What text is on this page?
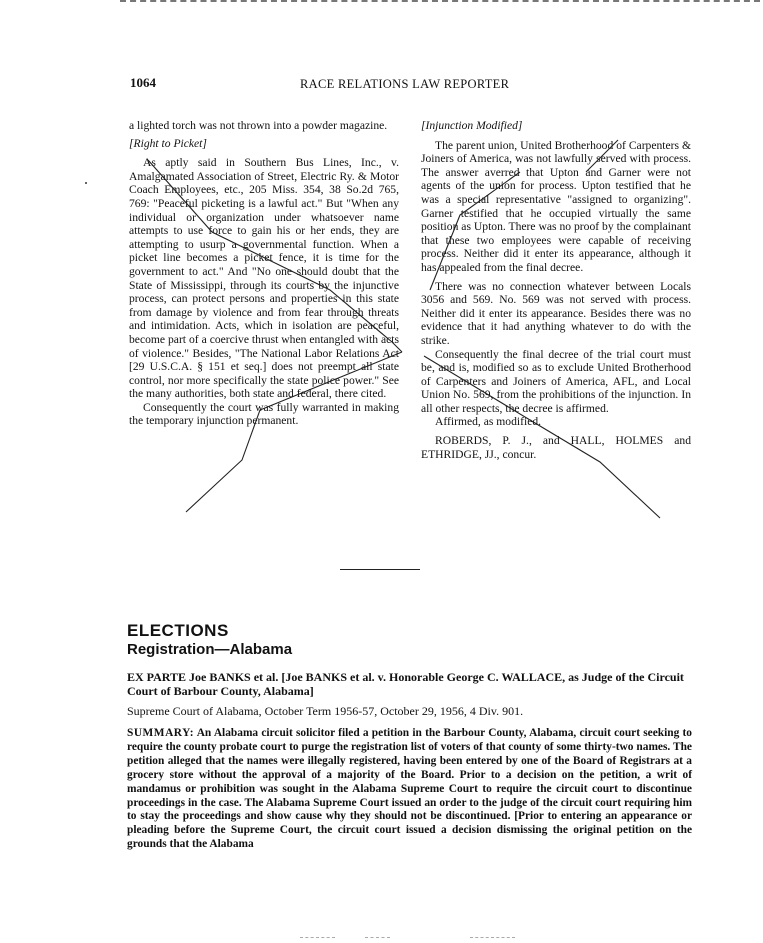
1064	RACE RELATIONS LAW REPORTER

a lighted torch was not thrown into a powder magazine.

[Right to Picket]

As aptly said in Southern Bus Lines, Inc., v. Amalgamated Association of Street, Electric Ry. & Motor Coach Employees, etc., 205 Miss. 354, 38 So.2d 765, 769: "Peaceful picketing is a lawful act." But "When any individual or organization under whatsoever name attempts to use force to gain his or her ends, they are attempting to usurp a governmental function. When a picket line becomes a picket fence, it is time for the government to act." And "No one should doubt that the State of Mississippi, through its courts by the injunctive process, can protect persons and properties in this state from damage by violence and from fear through threats and intimidation. Acts, which in isolation are peaceful, become part of a coercive thrust when entangled with acts of violence." Besides, "The National Labor Relations Act [29 U.S.C.A. § 151 et seq.] does not preempt all state control, nor more specifically the state police power." See the many authorities, both state and federal, there cited.

Consequently the court was fully warranted in making the temporary injunction permanent.

[Injunction Modified]

The parent union, United Brotherhood of Carpenters & Joiners of America, was not lawfully served with process. The answer averred that Upton and Garner were not agents of the union for process. Upton testified that he was a special representative "assigned to organizing". Garner testified that he occupied virtually the same position as Upton. There was no proof by the complainant that these two employees were capable of receiving process. Neither did it enter its appearance, although it has appealed from the final decree.

There was no connection whatever between Locals 3056 and 569. No. 569 was not served with process. Neither did it enter its appearance. Besides there was no evidence that it had anything whatever to do with the strike.

Consequently the final decree of the trial court must be, and is, modified so as to exclude United Brotherhood of Carpenters and Joiners of America, AFL, and Local Union No. 569, from the prohibitions of the injunction. In all other respects, the decree is affirmed.

Affirmed, as modified.

ROBERDS, P. J., and HALL, HOLMES and ETHRIDGE, JJ., concur.

ELECTIONS
Registration—Alabama
EX PARTE Joe BANKS et al. [Joe BANKS et al. v. Honorable George C. WALLACE, as Judge of the Circuit Court of Barbour County, Alabama]
Supreme Court of Alabama, October Term 1956-57, October 29, 1956, 4 Div. 901.
SUMMARY: An Alabama circuit solicitor filed a petition in the Barbour County, Alabama, circuit court seeking to require the county probate court to purge the registration list of voters of that county of some thirty-two names. The petition alleged that the names were illegally registered, having been entered by one of the Board of Registrars at a grocery store without the approval of a majority of the Board. Prior to a decision on the petition, a writ of mandamus or prohibition was sought in the Alabama Supreme Court to require the circuit court to discontinue proceedings in the case. The Alabama Supreme Court issued an order to the judge of the circuit court requiring him to stay the proceedings and show cause why they should not be discontinued. [Prior to entering an appearance or pleading before the Supreme Court, the circuit court issued a decision dismissing the original petition on the grounds that the Alabama
